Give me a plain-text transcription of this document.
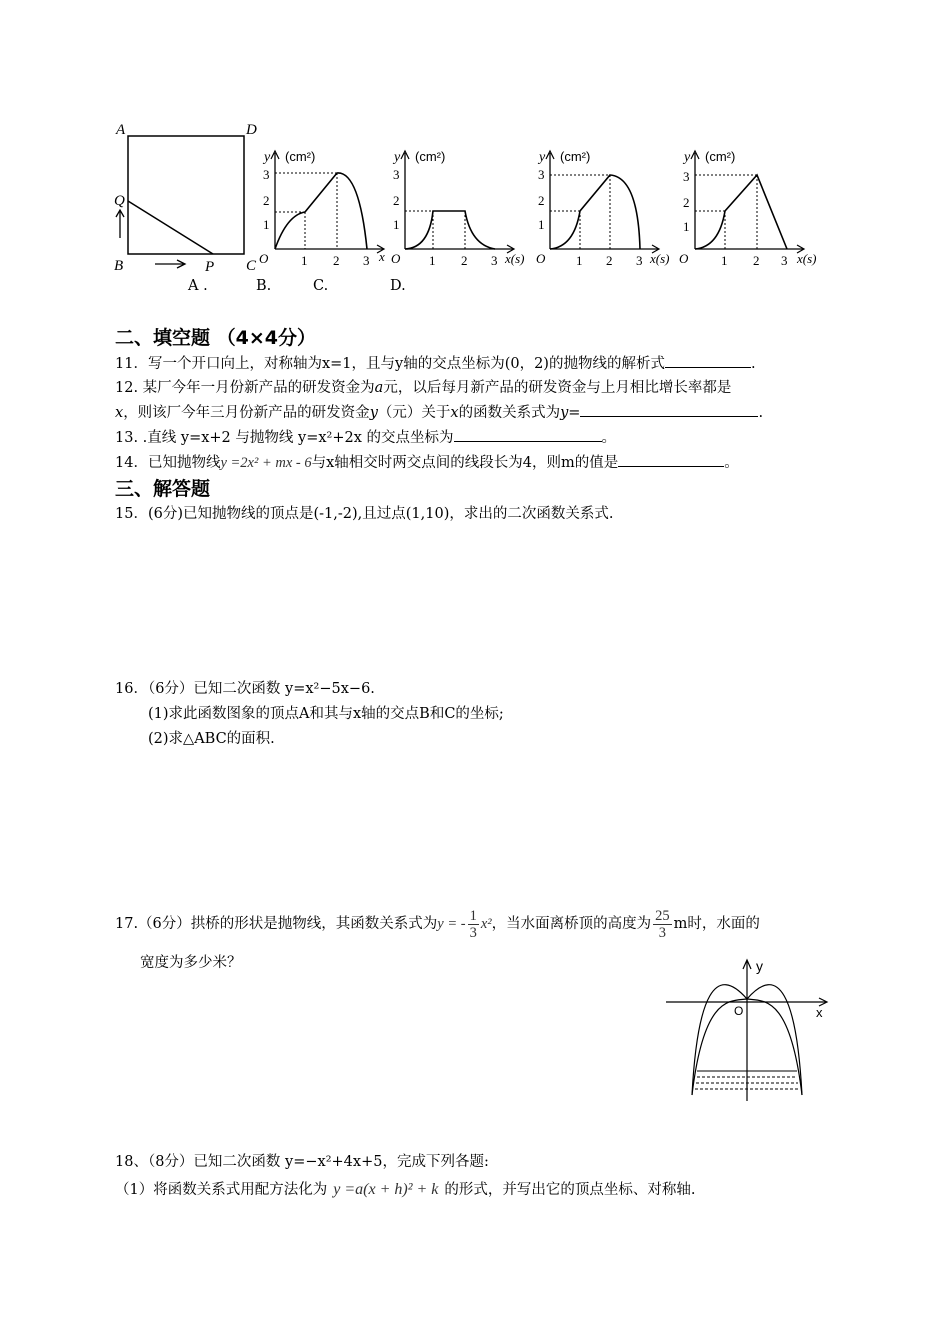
A	D
Q
B	P C
y (cm²)
3
2
1
O	1 2 3 x
y (cm²)
3
2
1
O 1 2 3 x(s)
y (cm²)
3
2
1
O 1 2 3 x(s)
y (cm²)
3
2
1
O	1 2 3 x(s)
A .	B.	C.	D.
二、填空题 （4×4分）
11．写一个开口向上，对称轴为x=1，且与y轴的交点坐标为(0，2)的抛物线的解析式	.
12. 某厂今年一月份新产品的研发资金为a元，以后每月新产品的研发资金与上月相比增长率都是
x，则该厂今年三月份新产品的研发资金y（元）关于x的函数关系式为y=	.
13. .直线 y=x+2 与抛物线 y=x²+2x 的交点坐标为	。
14．已知抛物线y =2x² + mx - 6与x轴相交时两交点间的线段长为4，则m的值是	。
三、解答题
15．(6分)已知抛物线的顶点是(-1,-2),且过点(1,10)，求出的二次函数关系式.
16．（6分）已知二次函数 y=x²−5x−6.
(1)求此函数图象的顶点A和其与x轴的交点B和C的坐标;
(2)求△ABC的面积.
17.（6分）拱桥的形状是抛物线，其函数关系式为y = - $\frac{1}{3} x^2$，当水面离桥顶的高度为 $\frac{25}{3}$ m时，水面的
宽度为多少米？	y
x
O
18、（8分）已知二次函数 y=−x²+4x+5，完成下列各题:
（1）将函数关系式用配方法化为 y =a(x + h)² + k 的形式，并写出它的顶点坐标、对称轴.
